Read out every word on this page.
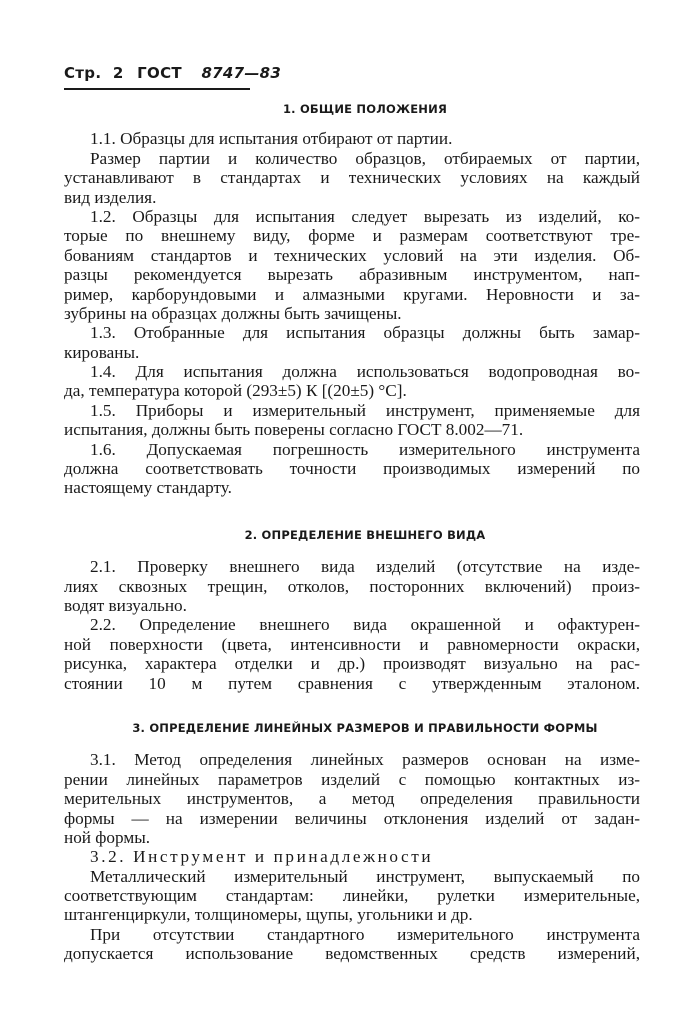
Стр. 2 ГОСТ 8747—83
1. ОБЩИЕ ПОЛОЖЕНИЯ
1.1. Образцы для испытания отбирают от партии.
Размер партии и количество образцов, отбираемых от партии,
устанавливают в стандартах и технических условиях на каждый
вид изделия.
1.2. Образцы для испытания следует вырезать из изделий, ко-
торые по внешнему виду, форме и размерам соответствуют тре-
бованиям стандартов и технических условий на эти изделия. Об-
разцы рекомендуется вырезать абразивным инструментом, нап-
ример, карборундовыми и алмазными кругами. Неровности и за-
зубрины на образцах должны быть зачищены.
1.3. Отобранные для испытания образцы должны быть замар-
кированы.
1.4. Для испытания должна использоваться водопроводная во-
да, температура которой (293±5) К [(20±5) °С].
1.5. Приборы и измерительный инструмент, применяемые для
испытания, должны быть поверены согласно ГОСТ 8.002—71.
1.6. Допускаемая погрешность измерительного инструмента
должна соответствовать точности производимых измерений по
настоящему стандарту.
2. ОПРЕДЕЛЕНИЕ ВНЕШНЕГО ВИДА
2.1. Проверку внешнего вида изделий (отсутствие на изде-
лиях сквозных трещин, отколов, посторонних включений) произ-
водят визуально.
2.2. Определение внешнего вида окрашенной и офактурен-
ной поверхности (цвета, интенсивности и равномерности окраски,
рисунка, характера отделки и др.) производят визуально на рас-
стоянии 10 м путем сравнения с утвержденным эталоном.
3. ОПРЕДЕЛЕНИЕ ЛИНЕЙНЫХ РАЗМЕРОВ И ПРАВИЛЬНОСТИ ФОРМЫ
3.1. Метод определения линейных размеров основан на изме-
рении линейных параметров изделий с помощью контактных из-
мерительных инструментов, а метод определения правильности
формы — на измерении величины отклонения изделий от задан-
ной формы.
3.2. Инструмент и принадлежности
Металлический измерительный инструмент, выпускаемый по
соответствующим стандартам: линейки, рулетки измерительные,
штангенциркули, толщиномеры, щупы, угольники и др.
При отсутствии стандартного измерительного инструмента
допускается использование ведомственных средств измерений,
